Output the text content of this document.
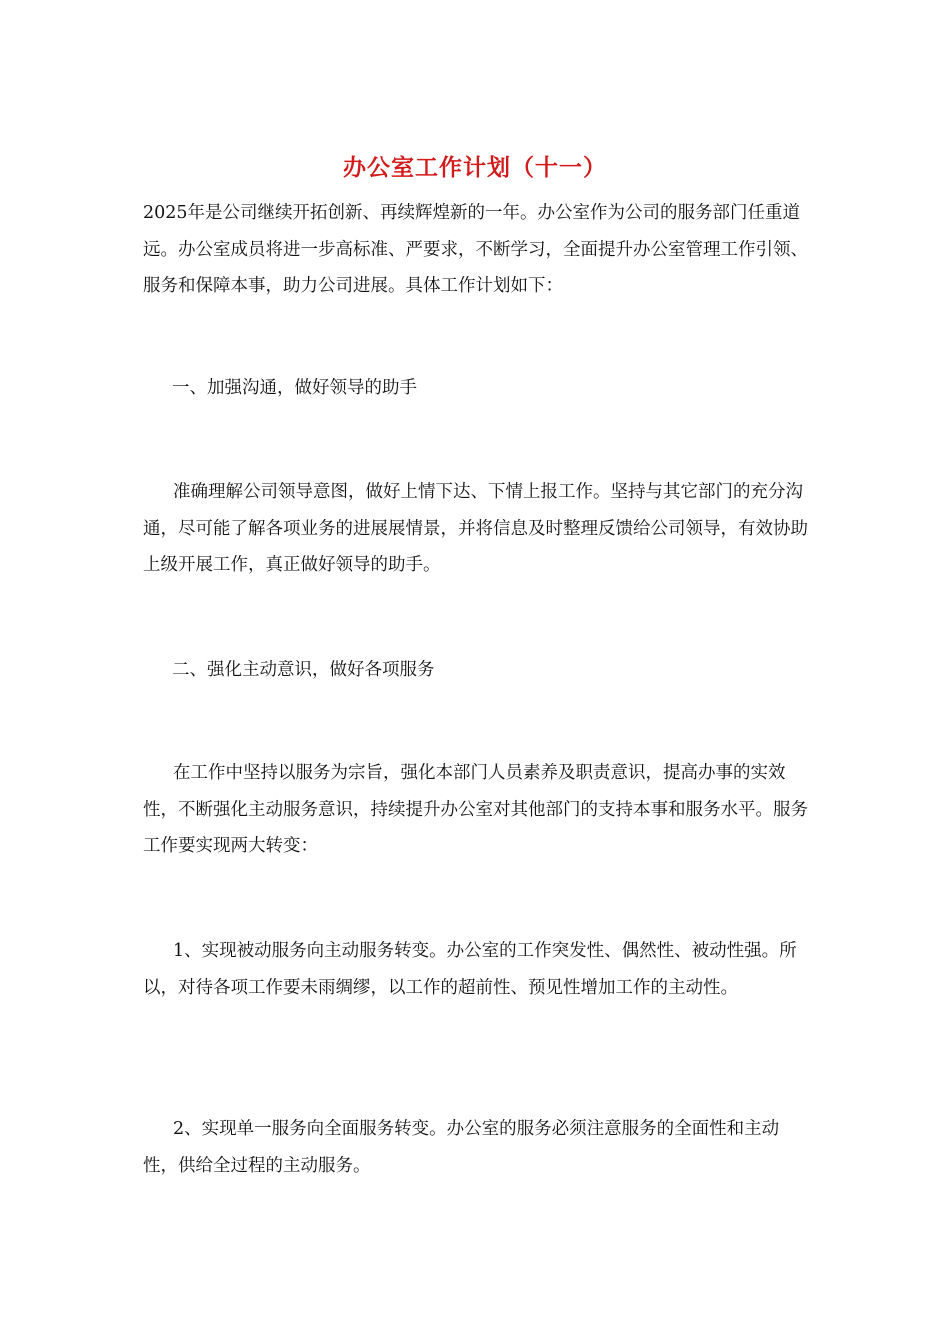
办公室工作计划（十一）

2025年是公司继续开拓创新、再续辉煌新的一年。办公室作为公司的服务部门任重道远。办公室成员将进一步高标准、严要求，不断学习，全面提升办公室管理工作引领、服务和保障本事，助力公司进展。具体工作计划如下：

一、加强沟通，做好领导的助手

准确理解公司领导意图，做好上情下达、下情上报工作。坚持与其它部门的充分沟通，尽可能了解各项业务的进展展情景，并将信息及时整理反馈给公司领导，有效协助上级开展工作，真正做好领导的助手。

二、强化主动意识，做好各项服务

在工作中坚持以服务为宗旨，强化本部门人员素养及职责意识，提高办事的实效性，不断强化主动服务意识，持续提升办公室对其他部门的支持本事和服务水平。服务工作要实现两大转变：

1、实现被动服务向主动服务转变。办公室的工作突发性、偶然性、被动性强。所以，对待各项工作要未雨绸缪，以工作的超前性、预见性增加工作的主动性。

2、实现单一服务向全面服务转变。办公室的服务必须注意服务的全面性和主动性，供给全过程的主动服务。
